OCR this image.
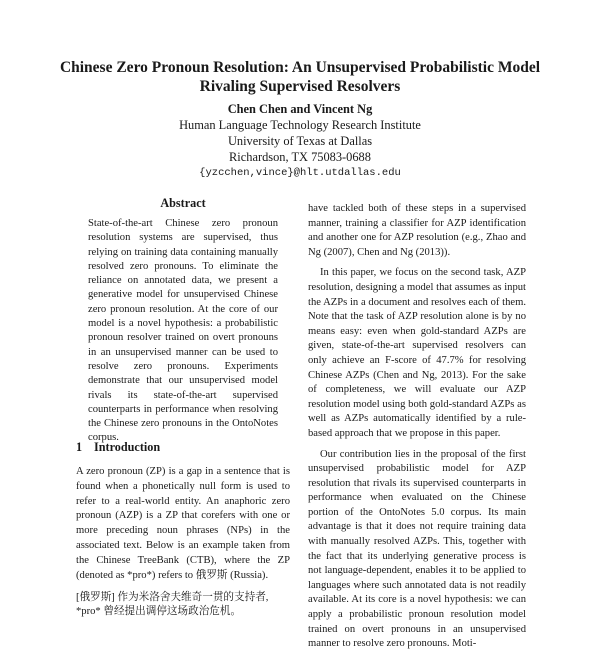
Chinese Zero Pronoun Resolution: An Unsupervised Probabilistic Model Rivaling Supervised Resolvers
Chen Chen and Vincent Ng
Human Language Technology Research Institute
University of Texas at Dallas
Richardson, TX 75083-0688
{yzcchen,vince}@hlt.utdallas.edu
Abstract

State-of-the-art Chinese zero pronoun resolution systems are supervised, thus relying on training data containing manually resolved zero pronouns. To eliminate the reliance on annotated data, we present a generative model for unsupervised Chinese zero pronoun resolution. At the core of our model is a novel hypothesis: a probabilistic pronoun resolver trained on overt pronouns in an unsupervised manner can be used to resolve zero pronouns. Experiments demonstrate that our unsupervised model rivals its state-of-the-art supervised counterparts in performance when resolving the Chinese zero pronouns in the OntoNotes corpus.

1 Introduction

A zero pronoun (ZP) is a gap in a sentence that is found when a phonetically null form is used to refer to a real-world entity. An anaphoric zero pronoun (AZP) is a ZP that corefers with one or more preceding noun phrases (NPs) in the associated text. Below is an example taken from the Chinese TreeBank (CTB), where the ZP (denoted as *pro*) refers to 俄罗斯 (Russia).

[俄罗斯] 作为米洛舍夫维奇一贯的支持者,
*pro* 曾经提出调停这场政治危机。

have tackled both of these steps in a supervised manner, training a classifier for AZP identification and another one for AZP resolution (e.g., Zhao and Ng (2007), Chen and Ng (2013)).

In this paper, we focus on the second task, AZP resolution, designing a model that assumes as input the AZPs in a document and resolves each of them. Note that the task of AZP resolution alone is by no means easy: even when gold-standard AZPs are given, state-of-the-art supervised resolvers can only achieve an F-score of 47.7% for resolving Chinese AZPs (Chen and Ng, 2013). For the sake of completeness, we will evaluate our AZP resolution model using both gold-standard AZPs as well as AZPs automatically identified by a rule-based approach that we propose in this paper.

Our contribution lies in the proposal of the first unsupervised probabilistic model for AZP resolution that rivals its supervised counterparts in performance when evaluated on the Chinese portion of the OntoNotes 5.0 corpus. Its main advantage is that it does not require training data with manually resolved AZPs. This, together with the fact that its underlying generative process is not language-dependent, enables it to be applied to languages where such annotated data is not readily available. At its core is a novel hypothesis: we can apply a probabilistic pronoun resolution model trained on overt pronouns in an unsupervised manner to resolve zero pronouns. Moti-
